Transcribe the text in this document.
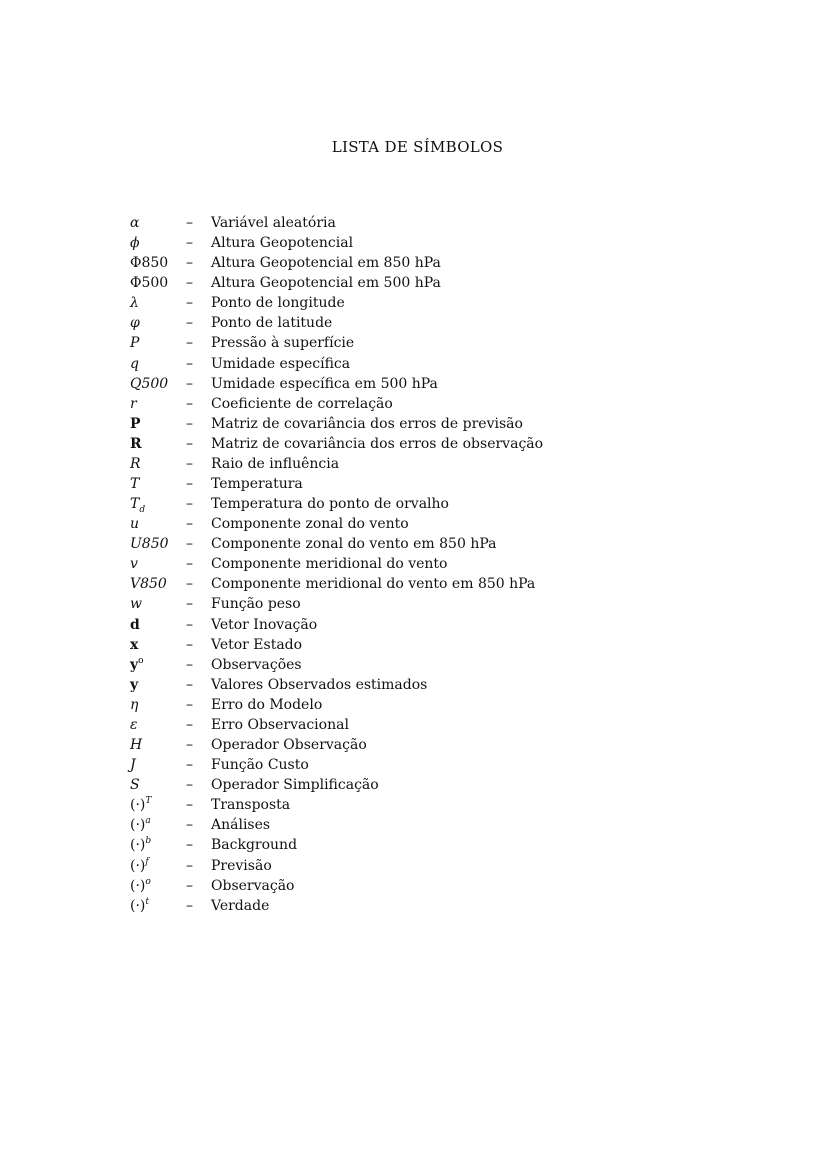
LISTA DE SÍMBOLOS
α	– Variável aleatória
ϕ	– Altura Geopotencial
Φ850 – Altura Geopotencial em 850 hPa
Φ500 – Altura Geopotencial em 500 hPa
λ	– Ponto de longitude
φ	– Ponto de latitude
P	– Pressão à superfície
q	– Umidade específica
Q500 – Umidade específica em 500 hPa
r	– Coeficiente de correlação
P	– Matriz de covariância dos erros de previsão
R	– Matriz de covariância dos erros de observação
R	– Raio de influência
T	– Temperatura
$T_d$	– Temperatura do ponto de orvalho
u	– Componente zonal do vento
U850 – Componente zonal do vento em 850 hPa
v	– Componente meridional do vento
V850 – Componente meridional do vento em 850 hPa
w	– Função peso
d	– Vetor Inovação
x	– Vetor Estado
$y^o$	– Observações
y	– Valores Observados estimados
η	– Erro do Modelo
ε	– Erro Observacional
H	– Operador Observação
J	– Função Custo
S	– Operador Simplificação
$(\cdot)^T$ – Transposta
$(\cdot)^a$	– Análises
$(\cdot)^b$ – Background
$(\cdot)^f$	– Previsão
$(\cdot)^o$	– Observação
$(\cdot)^t$	– Verdade
